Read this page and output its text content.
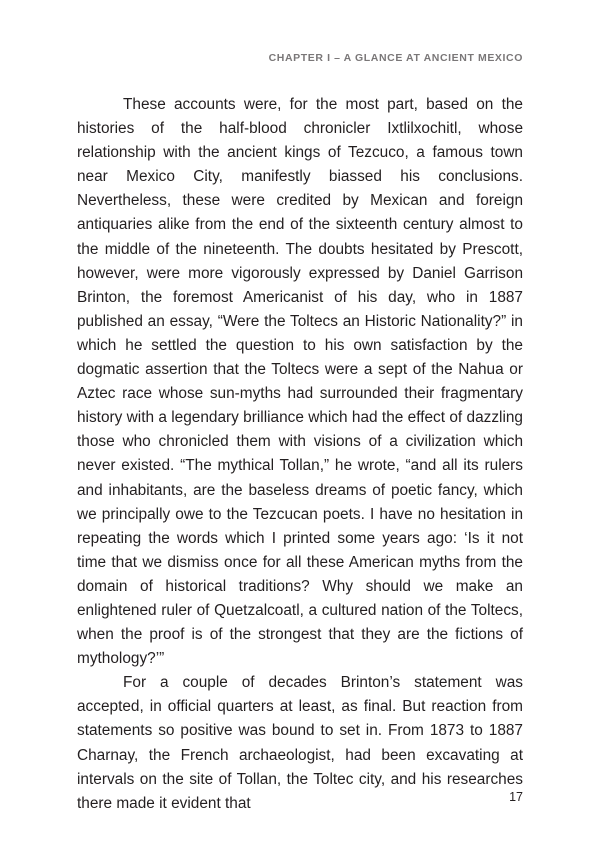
CHAPTER I – A GLANCE AT ANCIENT MEXICO

These accounts were, for the most part, based on the histories of the half-blood chronicler Ixtlilxochitl, whose relationship with the ancient kings of Tezcuco, a famous town near Mexico City, manifestly biassed his conclusions. Nevertheless, these were credited by Mexican and foreign antiquaries alike from the end of the sixteenth century almost to the middle of the nineteenth. The doubts hesitated by Prescott, however, were more vigorously expressed by Daniel Garrison Brinton, the foremost Americanist of his day, who in 1887 published an essay, “Were the Toltecs an Historic Nationality?” in which he settled the question to his own satisfaction by the dogmatic assertion that the Toltecs were a sept of the Nahua or Aztec race whose sun-myths had surrounded their fragmentary history with a legendary brilliance which had the effect of dazzling those who chronicled them with visions of a civilization which never existed. “The mythical Tollan,” he wrote, “and all its rulers and inhabitants, are the baseless dreams of poetic fancy, which we principally owe to the Tezcucan poets. I have no hesitation in repeating the words which I printed some years ago: ‘Is it not time that we dismiss once for all these American myths from the domain of historical traditions? Why should we make an enlightened ruler of Quetzalcoatl, a cultured nation of the Toltecs, when the proof is of the strongest that they are the fictions of mythology?’”

For a couple of decades Brinton’s statement was accepted, in official quarters at least, as final. But reaction from statements so positive was bound to set in. From 1873 to 1887 Charnay, the French archaeologist, had been excavating at intervals on the site of Tollan, the Toltec city, and his researches there made it evident that	17
